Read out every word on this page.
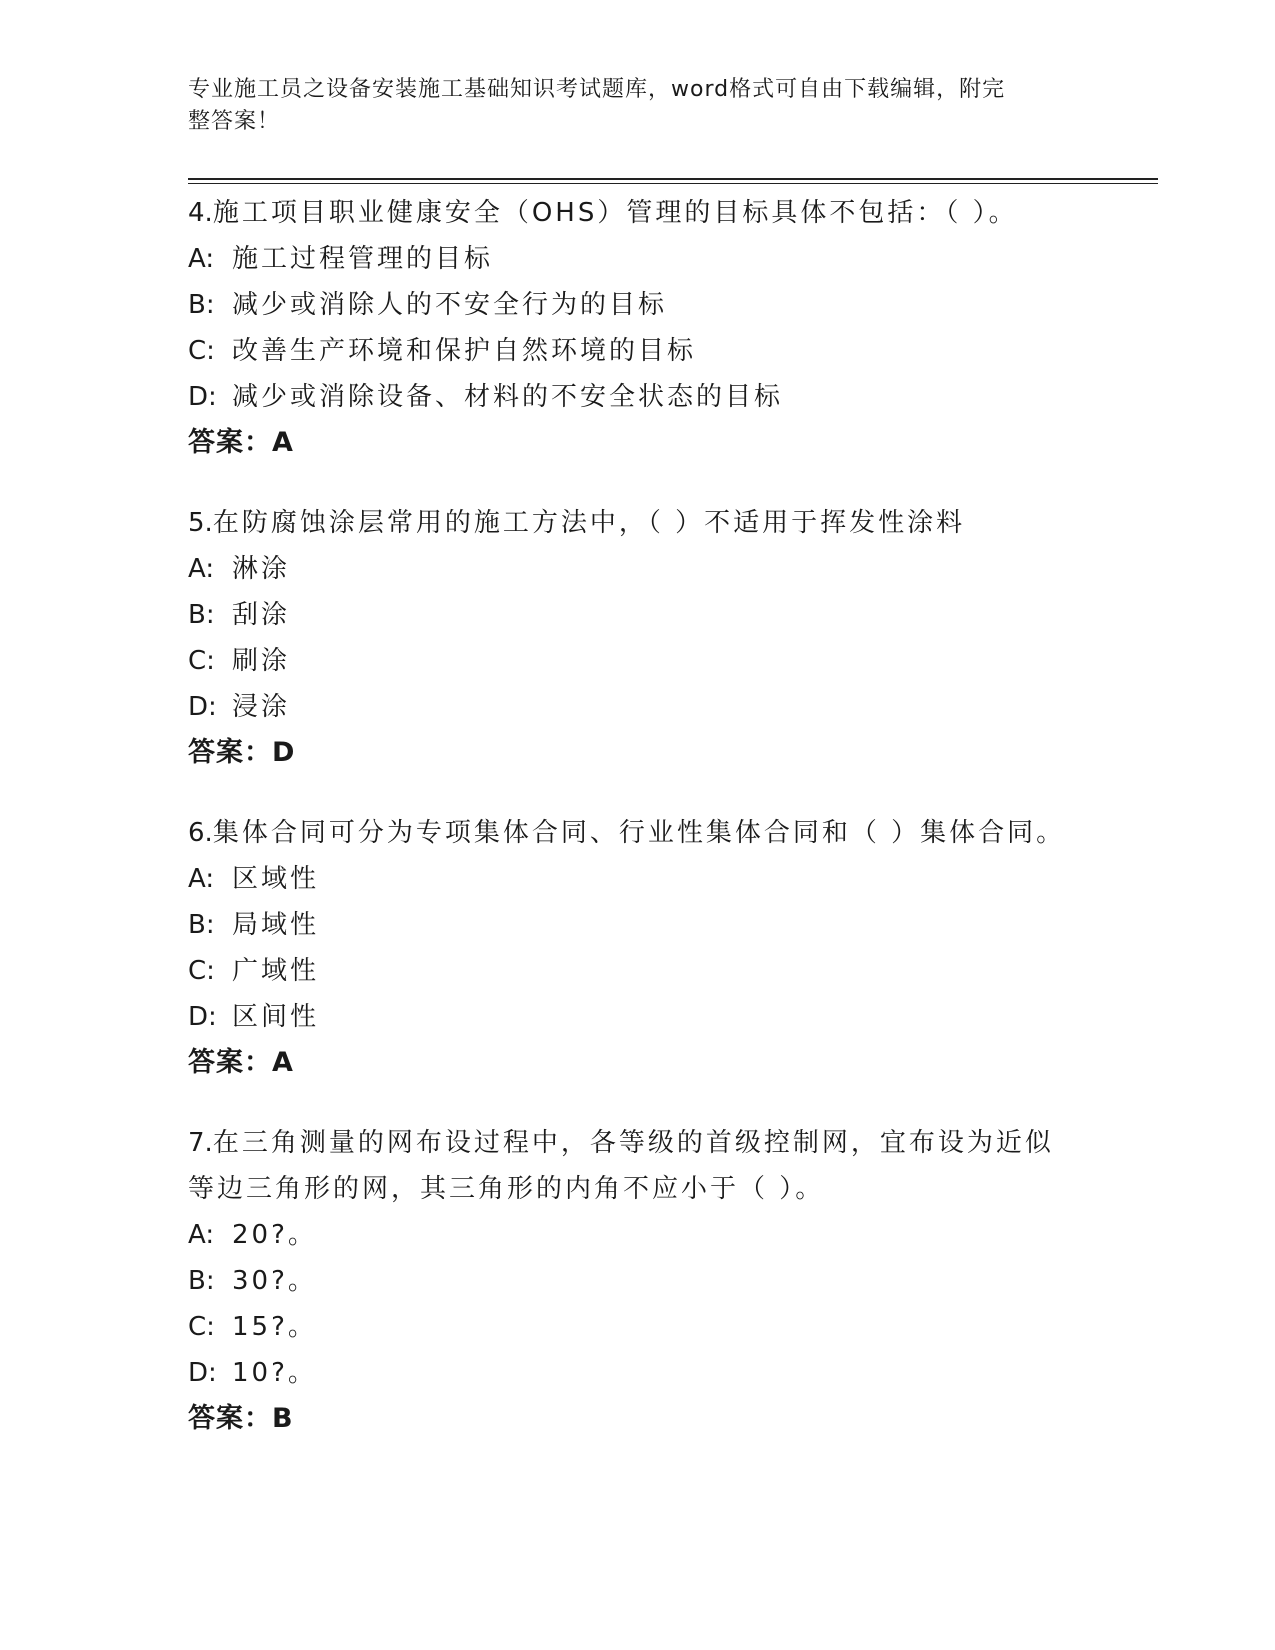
专业施工员之设备安装施工基础知识考试题库，word格式可自由下载编辑，附完
整答案！
4.施工项目职业健康安全（OHS）管理的目标具体不包括：（ ）。
A: 施工过程管理的目标
B: 减少或消除人的不安全行为的目标
C: 改善生产环境和保护自然环境的目标
D: 减少或消除设备、材料的不安全状态的目标
答案：A
5.在防腐蚀涂层常用的施工方法中，（ ）不适用于挥发性涂料
A: 淋涂
B: 刮涂
C: 刷涂
D: 浸涂
答案：D
6.集体合同可分为专项集体合同、行业性集体合同和（ ）集体合同。
A: 区域性
B: 局域性
C: 广域性
D: 区间性
答案：A
7.在三角测量的网布设过程中，各等级的首级控制网，宜布设为近似
等边三角形的网，其三角形的内角不应小于（ ）。
A: 20?。
B: 30?。
C: 15?。
D: 10?。
答案：B
